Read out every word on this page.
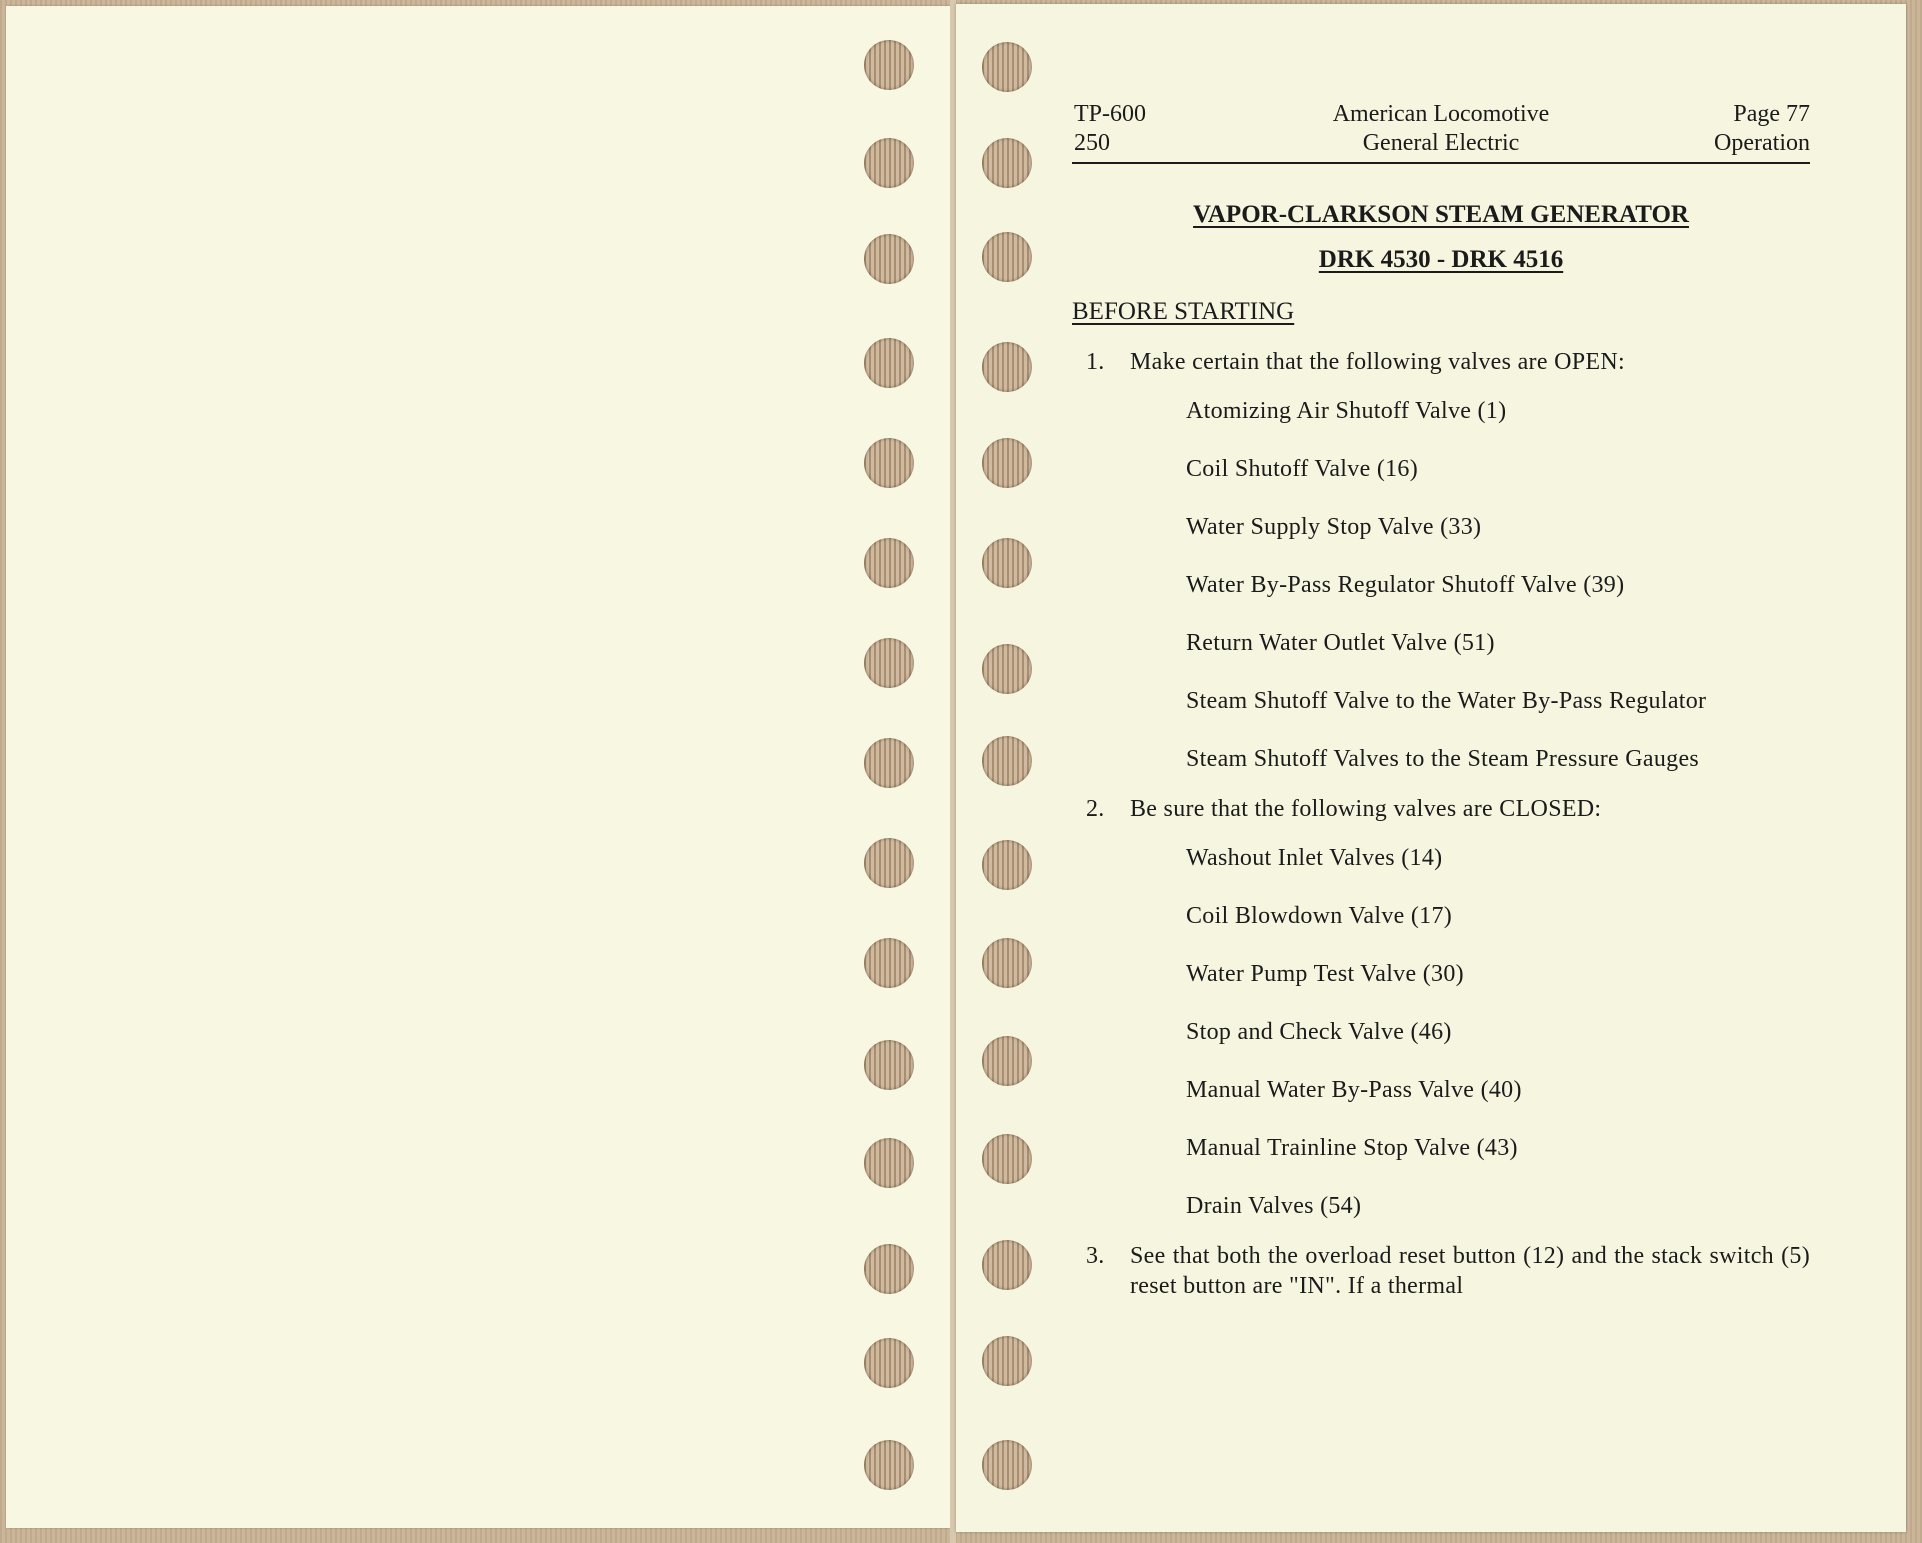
TP-600
250
American Locomotive
General Electric
Page 77
Operation
VAPOR-CLARKSON STEAM GENERATOR
DRK 4530 - DRK 4516
BEFORE STARTING
1.	Make certain that the following valves are OPEN:
Atomizing Air Shutoff Valve (1)
Coil Shutoff Valve (16)
Water Supply Stop Valve (33)
Water By-Pass Regulator Shutoff Valve (39)
Return Water Outlet Valve (51)
Steam Shutoff Valve to the Water By-Pass Regulator
Steam Shutoff Valves to the Steam Pressure Gauges
2.	Be sure that the following valves are CLOSED:
Washout Inlet Valves (14)
Coil Blowdown Valve (17)
Water Pump Test Valve (30)
Stop and Check Valve (46)
Manual Water By-Pass Valve (40)
Manual Trainline Stop Valve (43)
Drain Valves (54)
3.	See that both the overload reset button (12) and the stack switch (5) reset button are "IN". If a thermal
